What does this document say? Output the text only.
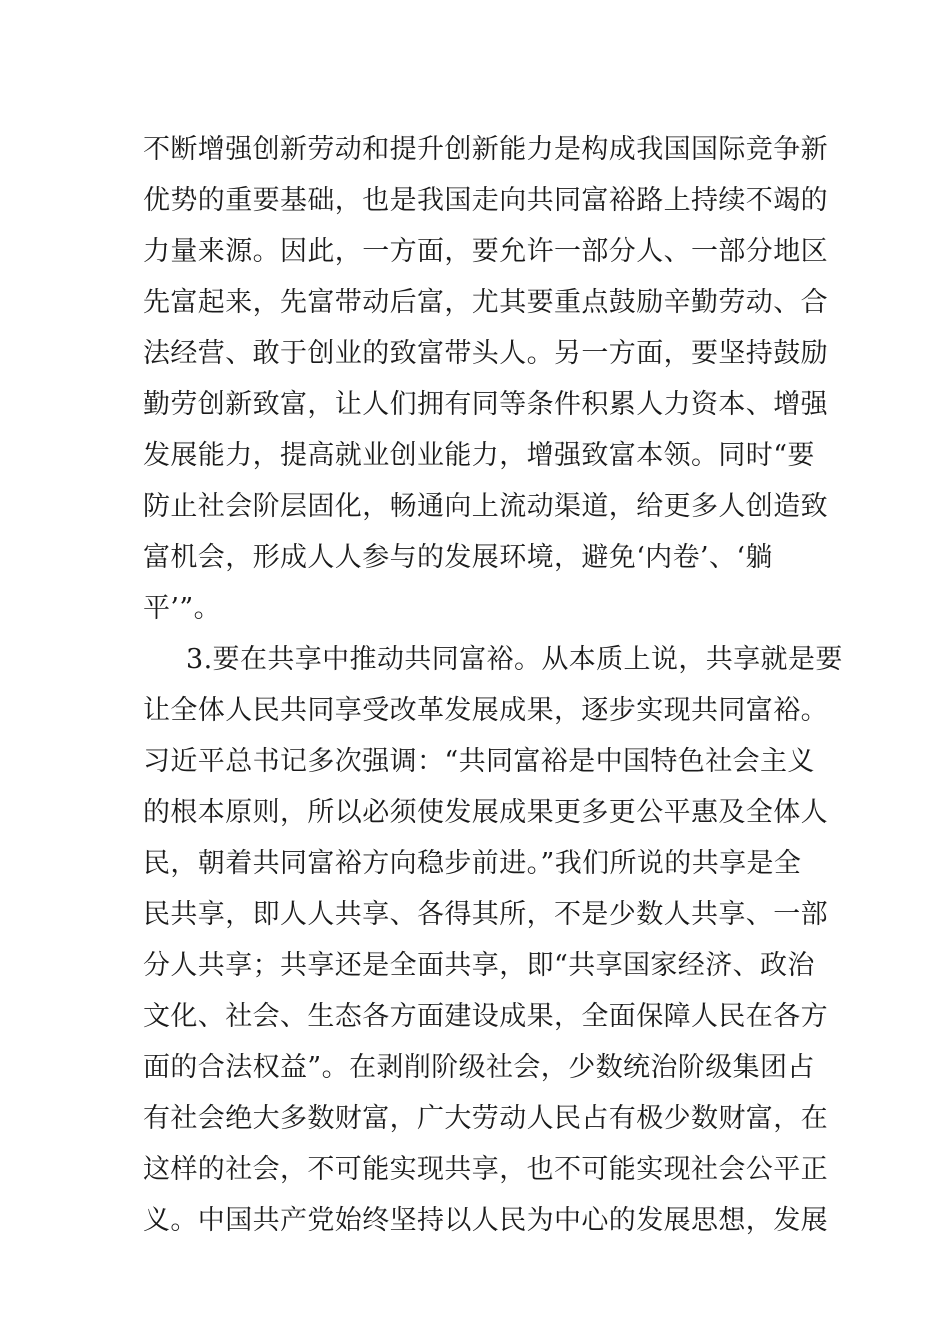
不断增强创新劳动和提升创新能力是构成我国国际竞争新
优势的重要基础，也是我国走向共同富裕路上持续不竭的
力量来源。因此，一方面，要允许一部分人、一部分地区
先富起来，先富带动后富，尤其要重点鼓励辛勤劳动、合
法经营、敢于创业的致富带头人。另一方面，要坚持鼓励
勤劳创新致富，让人们拥有同等条件积累人力资本、增强
发展能力，提高就业创业能力，增强致富本领。同时“要
防止社会阶层固化，畅通向上流动渠道，给更多人创造致
富机会，形成人人参与的发展环境，避免‘内卷’、‘躺
平’”。
3.要在共享中推动共同富裕。从本质上说，共享就是要
让全体人民共同享受改革发展成果，逐步实现共同富裕。
习近平总书记多次强调：“共同富裕是中国特色社会主义
的根本原则，所以必须使发展成果更多更公平惠及全体人
民，朝着共同富裕方向稳步前进。”我们所说的共享是全
民共享，即人人共享、各得其所，不是少数人共享、一部
分人共享；共享还是全面共享，即“共享国家经济、政治
文化、社会、生态各方面建设成果，全面保障人民在各方
面的合法权益”。在剥削阶级社会，少数统治阶级集团占
有社会绝大多数财富，广大劳动人民占有极少数财富，在
这样的社会，不可能实现共享，也不可能实现社会公平正
义。中国共产党始终坚持以人民为中心的发展思想，发展
